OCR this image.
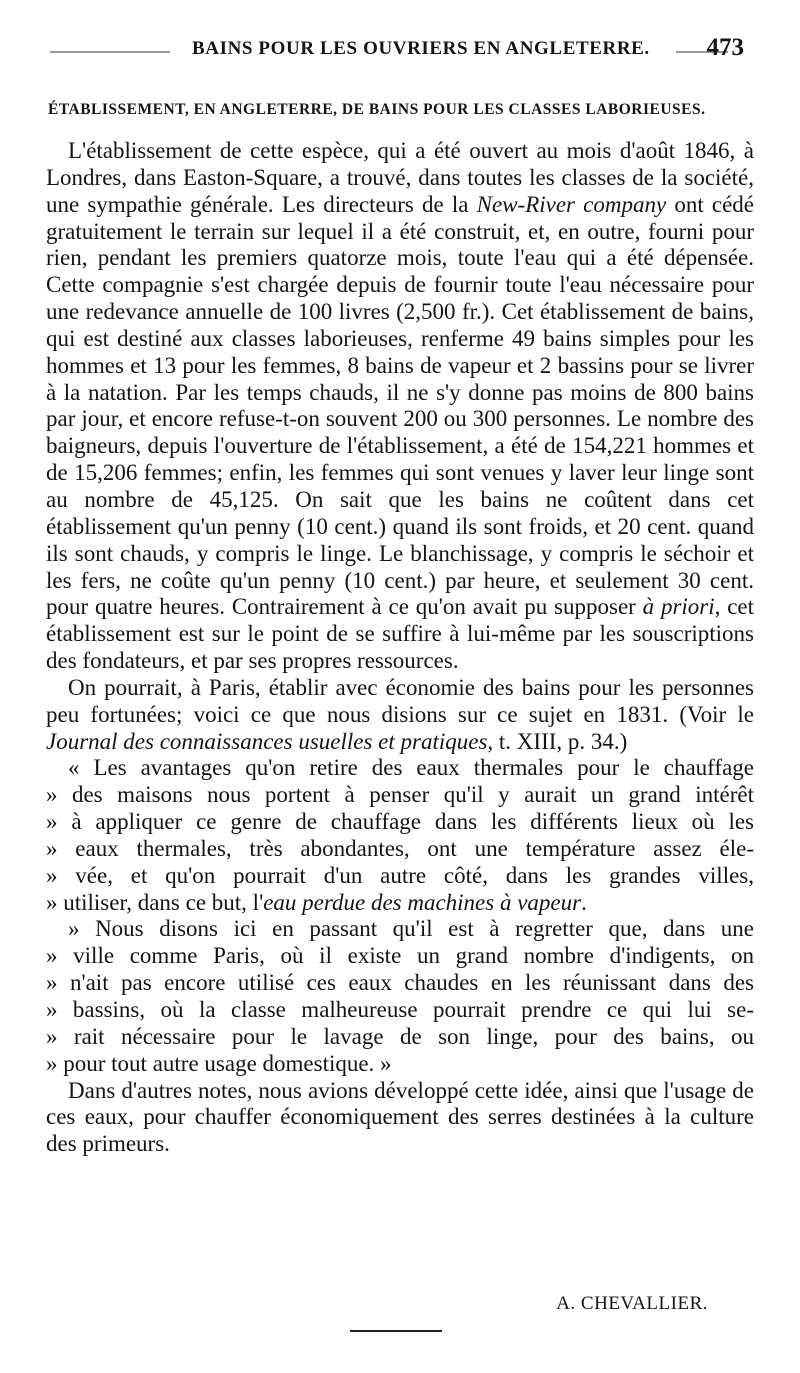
BAINS POUR LES OUVRIERS EN ANGLETERRE. 473
ÉTABLISSEMENT, EN ANGLETERRE, DE BAINS POUR LES CLASSES LABORIEUSES.

L'établissement de cette espèce, qui a été ouvert au mois d'août 1846, à Londres, dans Easton-Square, a trouvé, dans toutes les classes de la société, une sympathie générale. Les directeurs de la New-River company ont cédé gratuitement le terrain sur lequel il a été construit, et, en outre, fourni pour rien, pendant les premiers quatorze mois, toute l'eau qui a été dépensée. Cette compagnie s'est chargée depuis de fournir toute l'eau nécessaire pour une redevance annuelle de 100 livres (2,500 fr.). Cet établissement de bains, qui est destiné aux classes laborieuses, renferme 49 bains simples pour les hommes et 13 pour les femmes, 8 bains de vapeur et 2 bassins pour se livrer à la natation. Par les temps chauds, il ne s'y donne pas moins de 800 bains par jour, et encore refuse-t-on souvent 200 ou 300 personnes. Le nombre des baigneurs, depuis l'ouverture de l'établissement, a été de 154,221 hommes et de 15,206 femmes; enfin, les femmes qui sont venues y laver leur linge sont au nombre de 45,125. On sait que les bains ne coûtent dans cet établissement qu'un penny (10 cent.) quand ils sont froids, et 20 cent. quand ils sont chauds, y compris le linge. Le blanchissage, y compris le séchoir et les fers, ne coûte qu'un penny (10 cent.) par heure, et seulement 30 cent. pour quatre heures. Contrairement à ce qu'on avait pu supposer à priori, cet établissement est sur le point de se suffire à lui-même par les souscriptions des fondateurs, et par ses propres ressources.

On pourrait, à Paris, établir avec économie des bains pour les personnes peu fortunées; voici ce que nous disions sur ce sujet en 1831. (Voir le Journal des connaissances usuelles et pratiques, t. XIII, p. 34.)

« Les avantages qu'on retire des eaux thermales pour le chauffage
» des maisons nous portent à penser qu'il y aurait un grand intérêt
» à appliquer ce genre de chauffage dans les différents lieux où les
» eaux thermales, très abondantes, ont une température assez éle-
» vée, et qu'on pourrait d'un autre côté, dans les grandes villes,
» utiliser, dans ce but, l'eau perdue des machines à vapeur.

» Nous disons ici en passant qu'il est à regretter que, dans une
» ville comme Paris, où il existe un grand nombre d'indigents, on
» n'ait pas encore utilisé ces eaux chaudes en les réunissant dans des
» bassins, où la classe malheureuse pourrait prendre ce qui lui se-
» rait nécessaire pour le lavage de son linge, pour des bains, ou
» pour tout autre usage domestique. »

Dans d'autres notes, nous avions développé cette idée, ainsi que l'usage de ces eaux, pour chauffer économiquement des serres destinées à la culture des primeurs.

A. CHEVALLIER.
